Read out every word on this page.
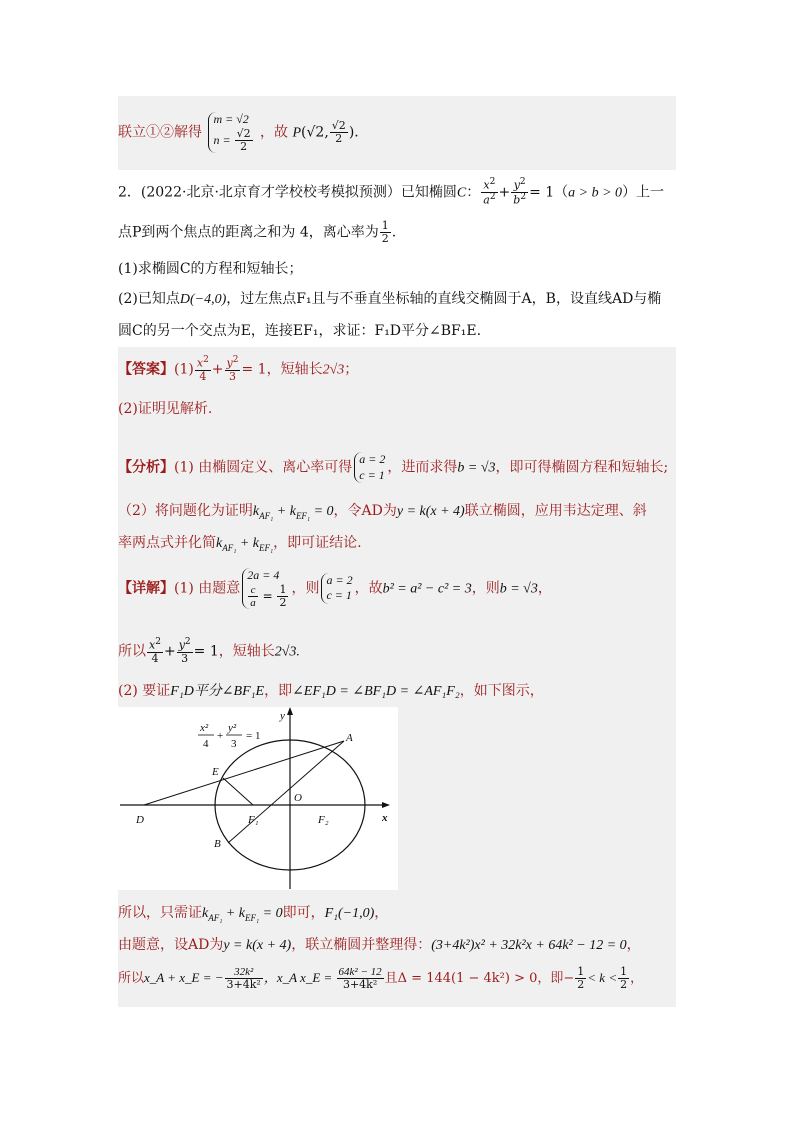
联立①②解得
m = √2
$n = \frac{√2}{2}$ ，故 P(√2, $\frac{√2}{2}$ ).
2．(2022·北京·北京育才学校校考模拟预测）已知椭圆C： $\frac{x^2}{a^2} + \frac{y^2}{b^2} = 1(a > b > 0)$上一
点P到两个焦点的距离之和为 4，离心率为 $\frac{1}{2}$ .
(1)求椭圆C的方程和短轴长；
(2)已知点D(−4,0)，过左焦点F₁且与不垂直坐标轴的直线交椭圆于A，B，设直线AD与椭
圆C的另一个交点为E，连接EF₁，求证：F₁D平分∠BF₁E.
【答案】$(1) \frac{x^2}{4} + \frac{y^2}{3} = 1$，短轴长2√3；
(2)证明见解析.
【分析】(1) 由椭圆定义、离心率可得
a = 2
c = 1 ，进而求得b = √3，即可得椭圆方程和短轴长;
（2）将问题化为证明$k_{AF_1} + k_{EF_1} = 0$，令AD为y = k(x + 4)联立椭圆，应用韦达定理、斜
率两点式并化简$k_{AF_1} + k_{EF_1}$，即可证结论.
【详解】(1) 由题意
2a = 4
$\frac{c}{a} = \frac{1}{2}$ ，则
a = 2
c = 1 ，故b² = a² − c² = 3，则b = √3，
所以 $\frac{x^2}{4} + \frac{y^2}{3} = 1$，短轴长2√3.
(2) 要证F₁D平分∠BF₁E，即∠EF₁D = ∠BF₁D = ∠AF₁F₂，如下图示，
y
x
A
E
O
D	F₁	F₂
B
x²
4
+
y²
3
= 1
所以，只需证$k_{AF_1} + k_{EF_1} = 0$即可，F₁(−1,0)，
由题意，设AD为y = k(x + 4)，联立椭圆并整理得：(3+4k²)x² + 32k²x + 64k² − 12 = 0，
所以x_A + x_E = − $\frac{\text{32k²}}{\text{3+4k²}}$ ，x_A x_E = $\frac{\text{64k² − 12}}{\text{3+4k²}}$ 且Δ = 144(1 − 4k²) > 0，即− $\frac{1}{2} < k < \frac{1}{2}$ ，
